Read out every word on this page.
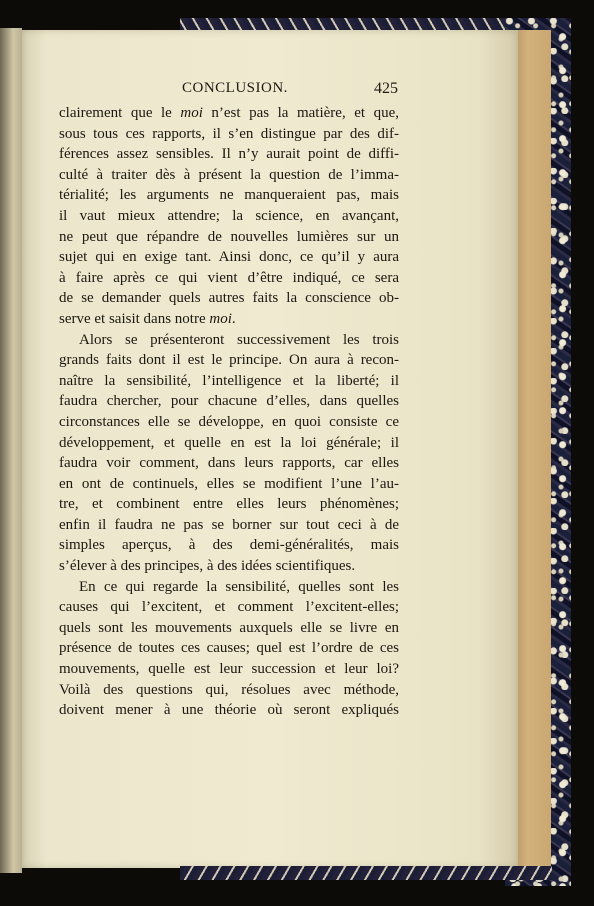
CONCLUSION.	425
clairement que le moi n’est pas la matière, et que,
sous tous ces rapports, il s’en distingue par des dif-
férences assez sensibles. Il n’y aurait point de diffi-
culté à traiter dès à présent la question de l’imma-
térialité; les arguments ne manqueraient pas, mais
il vaut mieux attendre; la science, en avançant,
ne peut que répandre de nouvelles lumières sur un
sujet qui en exige tant. Ainsi donc, ce qu’il y aura
à faire après ce qui vient d’être indiqué, ce sera
de se demander quels autres faits la conscience ob-
serve et saisit dans notre moi.
Alors se présenteront successivement les trois
grands faits dont il est le principe. On aura à recon-
naître la sensibilité, l’intelligence et la liberté; il
faudra chercher, pour chacune d’elles, dans quelles
circonstances elle se développe, en quoi consiste ce
développement, et quelle en est la loi générale; il
faudra voir comment, dans leurs rapports, car elles
en ont de continuels, elles se modifient l’une l’au-
tre, et combinent entre elles leurs phénomènes;
enfin il faudra ne pas se borner sur tout ceci à de
simples aperçus, à des demi-généralités, mais
s’élever à des principes, à des idées scientifiques.
En ce qui regarde la sensibilité, quelles sont les
causes qui l’excitent, et comment l’excitent-elles;
quels sont les mouvements auxquels elle se livre en
présence de toutes ces causes; quel est l’ordre de ces
mouvements, quelle est leur succession et leur loi?
Voilà des questions qui, résolues avec méthode,
doivent mener à une théorie où seront expliqués
